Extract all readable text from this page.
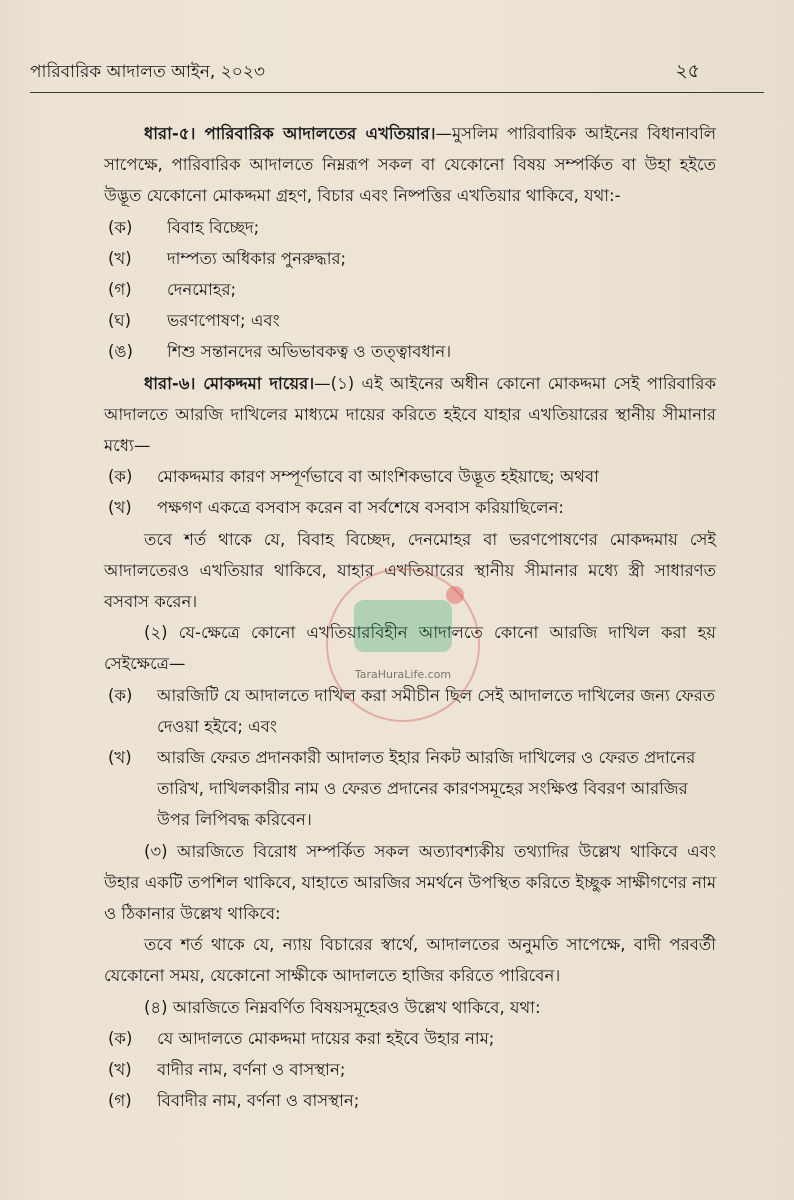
পারিবারিক আদালত আইন, ২০২৩	২৫

ধারা-৫। পারিবারিক আদালতের এখতিয়ার।—মুসলিম পারিবারিক আইনের বিধানাবলি সাপেক্ষে, পারিবারিক আদালতে নিম্নরূপ সকল বা যেকোনো বিষয় সম্পর্কিত বা উহা হইতে উদ্ভূত যেকোনো মোকদ্দমা গ্রহণ, বিচার এবং নিষ্পত্তির এখতিয়ার থাকিবে, যথা:-

(ক) বিবাহ বিচ্ছেদ;

(খ) দাম্পত্য অধিকার পুনরুদ্ধার;

(গ) দেনমোহর;

(ঘ) ভরণপোষণ; এবং

(ঙ) শিশু সন্তানদের অভিভাবকত্ব ও তত্ত্বাবধান।

ধারা-৬। মোকদ্দমা দায়ের।—(১) এই আইনের অধীন কোনো মোকদ্দমা সেই পারিবারিক আদালতে আরজি দাখিলের মাধ্যমে দায়ের করিতে হইবে যাহার এখতিয়ারের স্থানীয় সীমানার মধ্যে—

(ক) মোকদ্দমার কারণ সম্পূর্ণভাবে বা আংশিকভাবে উদ্ভূত হইয়াছে; অথবা

(খ) পক্ষগণ একত্রে বসবাস করেন বা সর্বশেষে বসবাস করিয়াছিলেন:

তবে শর্ত থাকে যে, বিবাহ বিচ্ছেদ, দেনমোহর বা ভরণপোষণের মোকদ্দমায় সেই আদালতেরও এখতিয়ার থাকিবে, যাহার এখতিয়ারের স্থানীয় সীমানার মধ্যে স্ত্রী সাধারণত বসবাস করেন।

(২) যে-ক্ষেত্রে কোনো এখতিয়ারবিহীন আদালতে কোনো আরজি দাখিল করা হয় সেইক্ষেত্রে—

(ক) আরজিটি যে আদালতে দাখিল করা সমীচীন ছিল সেই আদালতে দাখিলের জন্য ফেরত দেওয়া হইবে; এবং

(খ) আরজি ফেরত প্রদানকারী আদালত ইহার নিকট আরজি দাখিলের ও ফেরত প্রদানের তারিখ, দাখিলকারীর নাম ও ফেরত প্রদানের কারণসমূহের সংক্ষিপ্ত বিবরণ আরজির উপর লিপিবদ্ধ করিবেন।

(৩) আরজিতে বিরোধ সম্পর্কিত সকল অত্যাবশ্যকীয় তথ্যাদির উল্লেখ থাকিবে এবং উহার একটি তপশিল থাকিবে, যাহাতে আরজির সমর্থনে উপস্থিত করিতে ইচ্ছুক সাক্ষীগণের নাম ও ঠিকানার উল্লেখ থাকিবে:

তবে শর্ত থাকে যে, ন্যায় বিচারের স্বার্থে, আদালতের অনুমতি সাপেক্ষে, বাদী পরবর্তী যেকোনো সময়, যেকোনো সাক্ষীকে আদালতে হাজির করিতে পারিবেন।

(৪) আরজিতে নিম্নবর্ণিত বিষয়সমূহেরও উল্লেখ থাকিবে, যথা:

(ক) যে আদালতে মোকদ্দমা দায়ের করা হইবে উহার নাম;

(খ) বাদীর নাম, বর্ণনা ও বাসস্থান;

(গ) বিবাদীর নাম, বর্ণনা ও বাসস্থান;

TaraHuraLife.com
